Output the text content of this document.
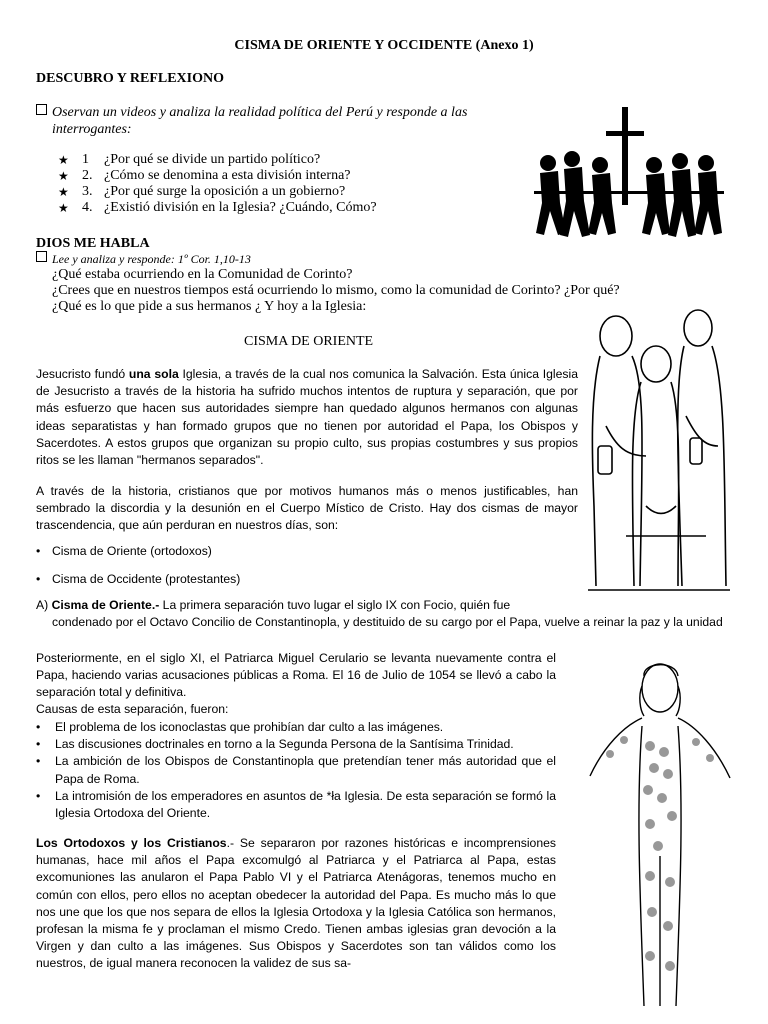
CISMA DE ORIENTE Y OCCIDENTE (Anexo 1)
DESCUBRO Y REFLEXIONO
Oservan un videos y analiza la realidad política del Perú y responde a las
interrogantes:
★ 1	¿Por qué se divide un partido político?
★ 2. ¿Cómo se denomina a esta división interna?
★ 3. ¿Por qué surge la oposición a un gobierno?
★ 4. ¿Existió división en la Iglesia? ¿Cuándo, Cómo?
DIOS ME HABLA
Lee y analiza y responde: 1º Cor. 1,10-13
¿Qué estaba ocurriendo en la Comunidad de Corinto?
¿Crees que en nuestros tiempos está ocurriendo lo mismo, como la comunidad de Corinto? ¿Por qué?
¿Qué es lo que pide a sus hermanos ¿ Y hoy a la Iglesia:
CISMA DE ORIENTE
Jesucristo fundó una sola Iglesia, a través de la cual nos comunica la Salvación. Esta única Iglesia de Jesucristo a través de la historia ha sufrido muchos intentos de ruptura y separación, que por más esfuerzo que hacen sus autoridades siempre han quedado algunos hermanos con algunas ideas separatistas y han formado grupos que no tienen por autoridad el Papa, los Obispos y Sacerdotes. A estos grupos que organizan su propio culto, sus propias costumbres y sus propios ritos se les llaman "hermanos separados".
A través de la historia, cristianos que por motivos humanos más o menos justificables, han sembrado la discordia y la desunión en el Cuerpo Místico de Cristo. Hay dos cismas de mayor trascendencia, que aún perduran en nuestros días, son:
• Cisma de Oriente (ortodoxos)
• Cisma de Occidente (protestantes)
A) Cisma de Oriente.- La primera separación tuvo lugar el siglo IX con Focio, quién fue
condenado por el Octavo Concilio de Constantinopla, y destituido de su cargo por el Papa, vuelve a reinar la paz y la unidad
Posteriormente, en el siglo XI, el Patriarca Miguel Cerulario se levanta nuevamente contra el Papa, haciendo varias acusaciones públicas a Roma. El 16 de Julio de 1054 se llevó a cabo la separación total y definitiva.
Causas de esta separación, fueron:
•	El problema de los iconoclastas que prohibían dar culto a las imágenes.
•	Las discusiones doctrinales en torno a la Segunda Persona de la Santísima Trinidad.
•	La ambición de los Obispos de Constantinopla que pretendían tener más autoridad que el Papa de Roma.
•	La intromisión de los emperadores en asuntos de *ła Iglesia. De esta separación se formó la Iglesia Ortodoxa del Oriente.
Los Ortodoxos y los Cristianos.- Se separaron por razones históricas e incomprensiones humanas, hace mil años el Papa excomulgó al Patriarca y el Patriarca al Papa, estas excomuniones las anularon el Papa Pablo VI y el Patriarca Atenágoras, tenemos mucho en común con ellos, pero ellos no aceptan obedecer la autoridad del Papa. Es mucho más lo que nos une que los que nos separa de ellos la Iglesia Ortodoxa y la Iglesia Católica son hermanos, profesan la misma fe y proclaman el mismo Credo. Tienen ambas iglesias gran devoción a la Virgen y dan culto a las imágenes. Sus Obispos y Sacerdotes son tan válidos como los nuestros, de igual manera reconocen la validez de sus sa-
